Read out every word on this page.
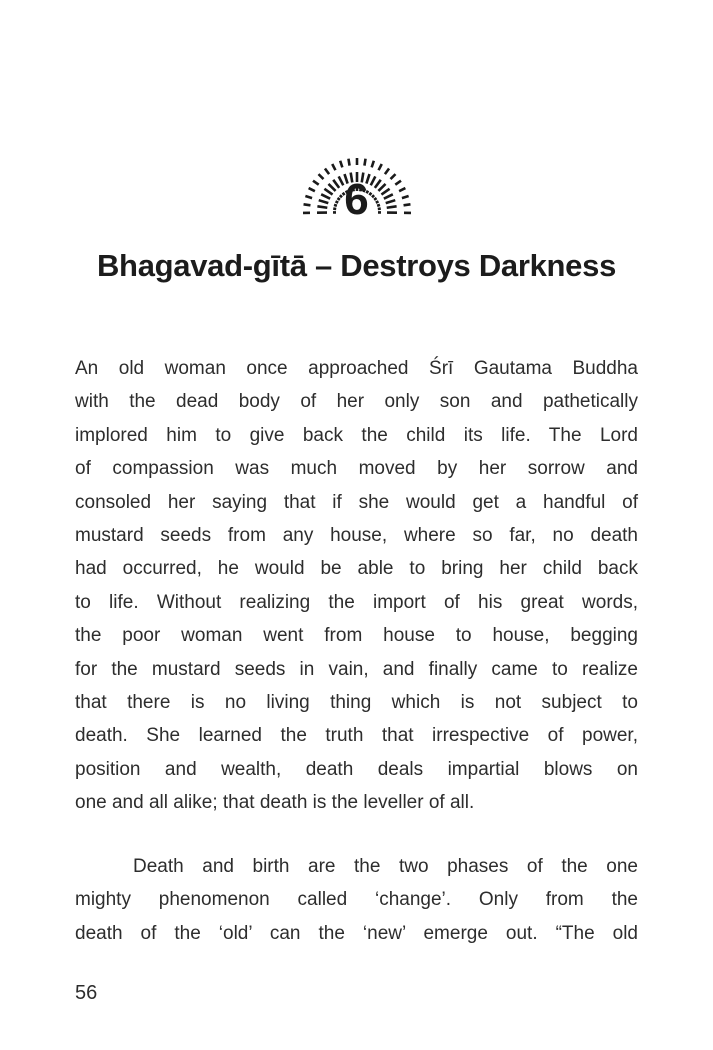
6
Bhagavad-gītā – Destroys Darkness
An old woman once approached Śrī Gautama Buddha
with the dead body of her only son and pathetically
implored him to give back the child its life. The Lord
of compassion was much moved by her sorrow and
consoled her saying that if she would get a handful of
mustard seeds from any house, where so far, no death
had occurred, he would be able to bring her child back
to life. Without realizing the import of his great words,
the poor woman went from house to house, begging
for the mustard seeds in vain, and finally came to realize
that there is no living thing which is not subject to
death. She learned the truth that irrespective of power,
position and wealth, death deals impartial blows on
one and all alike; that death is the leveller of all.
Death and birth are the two phases of the one
mighty phenomenon called ‘change’. Only from the
death of the ‘old’ can the ‘new’ emerge out. “The old
56
